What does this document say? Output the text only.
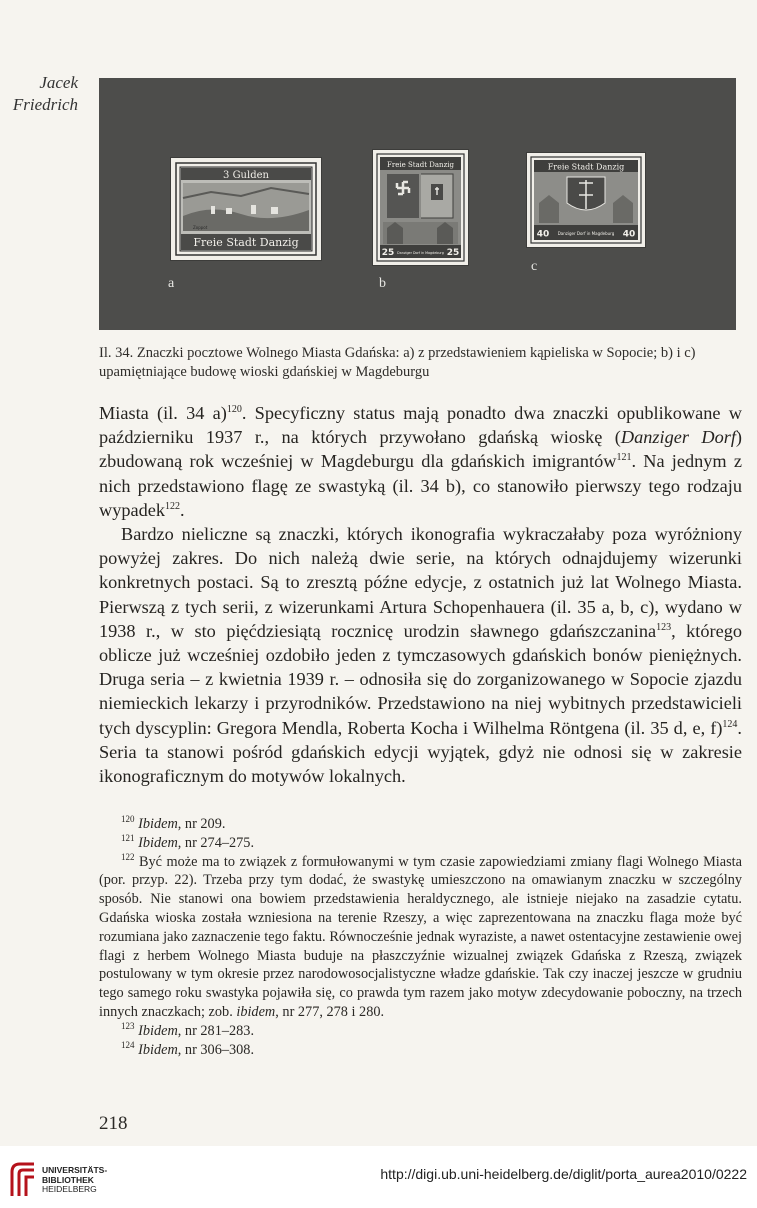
Jacek
Friedrich
3 Gulden
Zoppot
Freie Stadt Danzig
Freie Stadt Danzig
25	25
Danziger Dorf in Magdeburg
Freie Stadt Danzig
40	40
Danziger Dorf in Magdeburg
a	b
c
Il. 34. Znaczki pocztowe Wolnego Miasta Gdańska: a) z przedstawieniem kąpieliska w Sopocie; b) i c) upamiętniające budowę wioski gdańskiej w Magdeburgu

Miasta (il. 34 a)$^{120}$. Specyficzny status mają ponadto dwa znaczki opublikowane w październiku 1937 r., na których przywołano gdańską wioskę (Danziger Dorf) zbudowaną rok wcześniej w Magdeburgu dla gdańskich imigrantów$^{121}$. Na jednym z nich przedstawiono flagę ze swastyką (il. 34 b), co stanowiło pierwszy tego rodzaju wypadek$^{122}$.

Bardzo nieliczne są znaczki, których ikonografia wykraczałaby poza wyróżniony powyżej zakres. Do nich należą dwie serie, na których odnajdujemy wizerunki konkretnych postaci. Są to zresztą późne edycje, z ostatnich już lat Wolnego Miasta. Pierwszą z tych serii, z wizerunkami Artura Schopenhauera (il. 35 a, b, c), wydano w 1938 r., w sto pięćdziesiątą rocznicę urodzin sławnego gdańszczanina$^{123}$, którego oblicze już wcześniej ozdobiło jeden z tymczasowych gdańskich bonów pieniężnych. Druga seria – z kwietnia 1939 r. – odnosiła się do zorganizowanego w Sopocie zjazdu niemieckich lekarzy i przyrodników. Przedstawiono na niej wybitnych przedstawicieli tych dyscyplin: Gregora Mendla, Roberta Kocha i Wilhelma Röntgena (il. 35 d, e, f)$^{124}$. Seria ta stanowi pośród gdańskich edycji wyjątek, gdyż nie odnosi się w zakresie ikonograficznym do motywów lokalnych.

$^{120}$ Ibidem, nr 209.

$^{121}$ Ibidem, nr 274–275.

$^{122}$ Być może ma to związek z formułowanymi w tym czasie zapowiedziami zmiany flagi Wolnego Miasta (por. przyp. 22). Trzeba przy tym dodać, że swastykę umieszczono na omawianym znaczku w szczególny sposób. Nie stanowi ona bowiem przedstawienia heraldycznego, ale istnieje niejako na zasadzie cytatu. Gdańska wioska została wzniesiona na terenie Rzeszy, a więc zaprezentowana na znaczku flaga może być rozumiana jako zaznaczenie tego faktu. Równocześnie jednak wyraziste, a nawet ostentacyjne zestawienie owej flagi z herbem Wolnego Miasta buduje na płaszczyźnie wizualnej związek Gdańska z Rzeszą, związek postulowany w tym okresie przez narodowosocjalistyczne władze gdańskie. Tak czy inaczej jeszcze w grudniu tego samego roku swastyka pojawiła się, co prawda tym razem jako motyw zdecydowanie poboczny, na trzech innych znaczkach; zob. ibidem, nr 277, 278 i 280.

$^{123}$ Ibidem, nr 281–283.

$^{124}$ Ibidem, nr 306–308.

218
UNIVERSITÄTS-
BIBLIOTHEK
HEIDELBERG
http://digi.ub.uni-heidelberg.de/diglit/porta_aurea2010/0222
